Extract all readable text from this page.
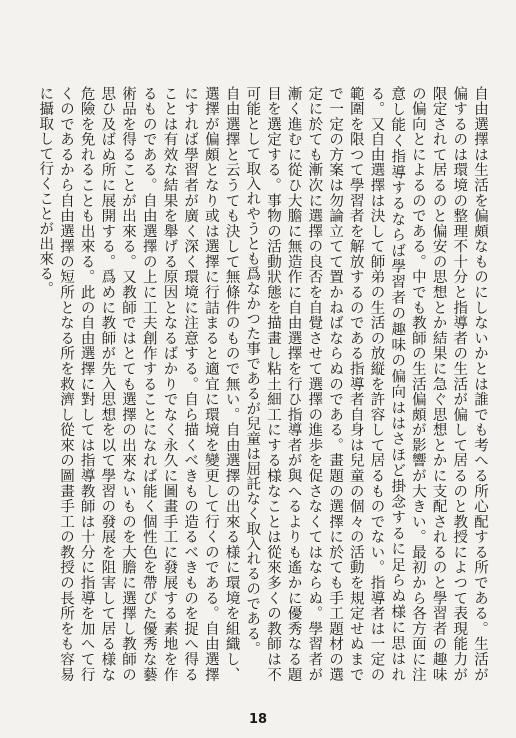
自由選擇は生活を偏頗なものにしないかとは誰でも考へる所心配する所である。生活が偏するのは環境の整理不十分と指導者の生活が偏して居るのと教授によつて表現能力が限定されて居るのと偏安の思想とか結果に急ぐ思想とかに支配されるのと學習者の趣味の偏向とによるのである。中でも教師の生活偏頗が影響が大きい。最初から各方面に注意し能く指導するならば學習者の趣味の偏向ははさほど掛念するに足らぬ様に思はれる。又自由選擇は決して師弟の生活の放縦を許容して居るものでない。指導者は一定の範圍を限つて學習者を解放するのである指導者自身は兒童の個々の活動を規定せぬまでで一定の方案は勿論立てて置かねばならぬのである。畫題の選擇に於ても手工題材の選定に於ても漸次に選擇の良否を自覺させて選擇の進歩を促さなくてはならぬ。學習者が漸く進むに從ひ大膽に無造作に自由選擇を行ひ指導者が與へるよりも遙かに優秀なる題目を選定する。事物の活動狀態を描畫し粘土細工にする様なことは從來多くの教師は不可能として取入れやうとも爲なかつた事であるが兒童は屈託なく取入れるのである。

自由選擇と云うても決して無條件のもので無い。自由選擇の出來る様に環境を組織し、選擇が偏頗となり或は選擇に行詰まると適宜に環境を變更して行くのである。自由選擇にすれば學習者が廣く深く環境に注意する。自ら描くべきもの造るべきものを捉へ得ることは有效な結果を舉げる原因となるばかりでなく永久に圖畫手工に發展する素地を作るものである。自由選擇の上に工夫創作することになれば能く個性色を帶びた優秀な藝術品を得ることが出來る。又教師ではとても選擇の出來ないものを大膽に選擇し教師の思ひ及ばぬ所に展開する。爲めに教師が先入思想を以て學習の發展を阻害して居る様な危險を免れることも出來る。此の自由選擇に對しては指導教師は十分に指導を加へて行くのであるから自由選擇の短所となる所を救濟し從來の圖畫手工の教授の長所をも容易に攝取して行くことが出來る。

18
